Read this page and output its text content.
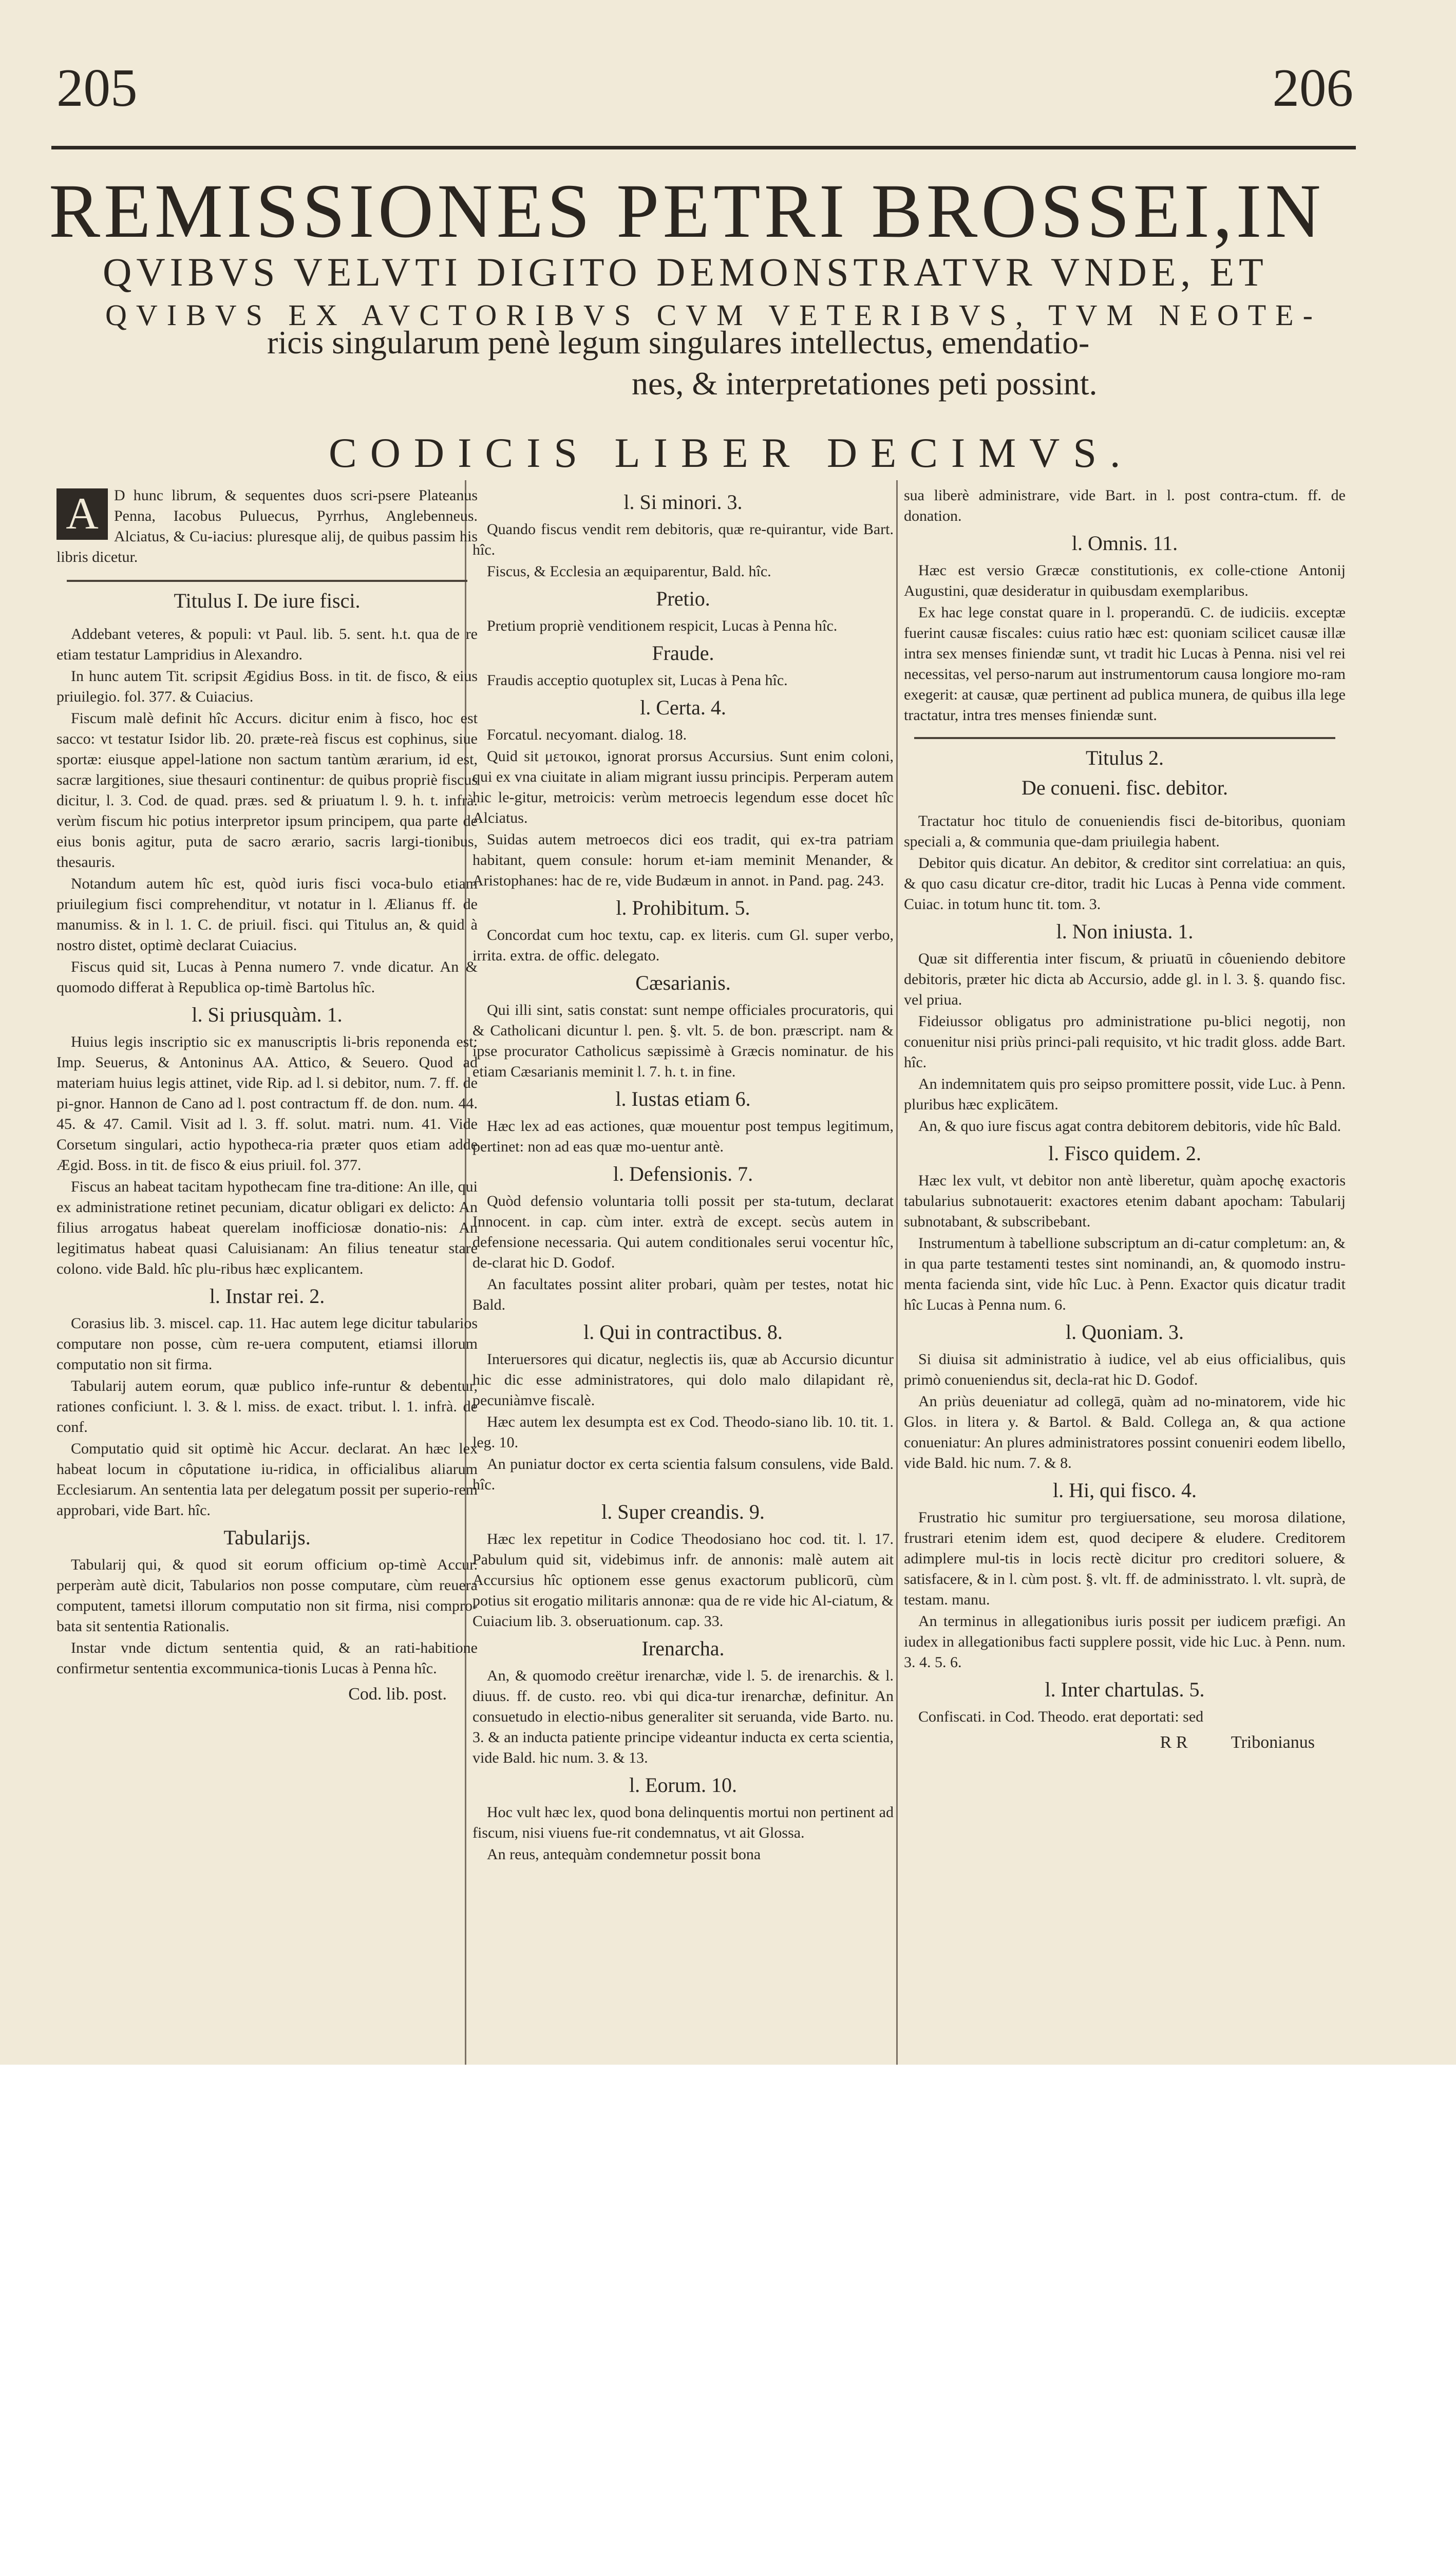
205	206
REMISSIONES PETRI BROSSEI,IN
QVIBVS VELVTI DIGITO DEMONSTRATVR VNDE, ET
QVIBVS EX AVCTORIBVS CVM VETERIBVS, TVM NEOTE-
ricis singularum penè legum singulares intellectus, emendatio-
nes, & interpretationes peti possint.
CODICIS LIBER DECIMVS.

A	D hunc librum, & sequentes duos scri-psere Plateanus Penna, Iacobus Puluecus, Pyrrhus, Anglebenneus. Alciatus, & Cu-iacius: pluresque alij, de quibus passim his libris dicetur.

Titulus I. De iure fisci.

Addebant veteres, & populi: vt Paul. lib. 5. sent. h.t. qua de re etiam testatur Lampridius in Alexandro.

In hunc autem Tit. scripsit Ægidius Boss. in tit. de fisco, & eius priuilegio. fol. 377. & Cuiacius.

Fiscum malè definit hîc Accurs. dicitur enim à fisco, hoc est sacco: vt testatur Isidor lib. 20. præte-reà fiscus est cophinus, siue sportæ: eiusque appel-latione non sactum tantùm ærarium, id est, sacræ largitiones, siue thesauri continentur: de quibus propriè fiscus dicitur, l. 3. Cod. de quad. præs. sed & priuatum l. 9. h. t. infrà. verùm fiscum hic potius interpretor ipsum principem, qua parte de eius bonis agitur, puta de sacro ærario, sacris largi-tionibus, thesauris.

Notandum autem hîc est, quòd iuris fisci voca-bulo etiam priuilegium fisci comprehenditur, vt notatur in l. Ælianus ff. de manumiss. & in l. 1. C. de priuil. fisci. qui Titulus an, & quid à nostro distet, optimè declarat Cuiacius.

Fiscus quid sit, Lucas à Penna numero 7. vnde dicatur. An & quomodo differat à Republica op-timè Bartolus hîc.

l. Si priusquàm. 1.

Huius legis inscriptio sic ex manuscriptis li-bris reponenda est: Imp. Seuerus, & Antoninus AA. Attico, & Seuero. Quod ad materiam huius legis attinet, vide Rip. ad l. si debitor, num. 7. ff. de pi-gnor. Hannon de Cano ad l. post contractum ff. de don. num. 44. 45. & 47. Camil. Visit ad l. 3. ff. solut. matri. num. 41. Vide Corsetum singulari, actio hypotheca-ria præter quos etiam adde Ægid. Boss. in tit. de fisco & eius priuil. fol. 377.

Fiscus an habeat tacitam hypothecam fine tra-ditione: An ille, qui ex administratione retinet pecuniam, dicatur obligari ex delicto: An filius arrogatus habeat querelam inofficiosæ donatio-nis: An legitimatus habeat quasi Caluisianam: An filius teneatur stare colono. vide Bald. hîc plu-ribus hæc explicantem.

l. Instar rei. 2.

Corasius lib. 3. miscel. cap. 11. Hac autem lege dicitur tabularios computare non posse, cùm re-uera computent, etiamsi illorum computatio non sit firma.

Tabularij autem eorum, quæ publico infe-runtur & debentur, rationes conficiunt. l. 3. & l. miss. de exact. tribut. l. 1. infrà. de conf.

Computatio quid sit optimè hic Accur. declarat. An hæc lex habeat locum in côputatione iu-ridica, in officialibus aliarum Ecclesiarum. An sententia lata per delegatum possit per superio-rem approbari, vide Bart. hîc.

Tabularijs.

Tabularij qui, & quod sit eorum officium op-timè Accur. perperàm autè dicit, Tabularios non posse computare, cùm reuera computent, tametsi illorum computatio non sit firma, nisi compro-bata sit sententia Rationalis.

Instar vnde dictum sententia quid, & an rati-habitione confirmetur sententia excommunica-tionis Lucas à Penna hîc.

Cod. lib. post.
l. Si minori. 3.

Quando fiscus vendit rem debitoris, quæ re-quirantur, vide Bart. hîc.

Fiscus, & Ecclesia an æquiparentur, Bald. hîc.

Pretio.

Pretium propriè venditionem respicit, Lucas à Penna hîc.

Fraude.

Fraudis acceptio quotuplex sit, Lucas à Pena hîc.

l. Certa. 4.

Forcatul. necyomant. dialog. 18.

Quid sit μετοικοι, ignorat prorsus Accursius. Sunt enim coloni, qui ex vna ciuitate in aliam migrant iussu principis. Perperam autem hic le-gitur, metroicis: verùm metroecis legendum esse docet hîc Alciatus.

Suidas autem metroecos dici eos tradit, qui ex-tra patriam habitant, quem consule: horum et-iam meminit Menander, & Aristophanes: hac de re, vide Budæum in annot. in Pand. pag. 243.

l. Prohibitum. 5.

Concordat cum hoc textu, cap. ex literis. cum Gl. super verbo, irrita. extra. de offic. delegato.

Cæsarianis.

Qui illi sint, satis constat: sunt nempe officiales procuratoris, qui & Catholicani dicuntur l. pen. §. vlt. 5. de bon. præscript. nam & ipse procurator Catholicus sæpissimè à Græcis nominatur. de his etiam Cæsarianis meminit l. 7. h. t. in fine.

l. Iustas etiam 6.

Hæc lex ad eas actiones, quæ mouentur post tempus legitimum, pertinet: non ad eas quæ mo-uentur antè.

l. Defensionis. 7.

Quòd defensio voluntaria tolli possit per sta-tutum, declarat Innocent. in cap. cùm inter. extrà de except. secùs autem in defensione necessaria. Qui autem conditionales serui vocentur hîc, de-clarat hic D. Godof.

An facultates possint aliter probari, quàm per testes, notat hic Bald.

l. Qui in contractibus. 8.

Interuersores qui dicatur, neglectis iis, quæ ab Accursio dicuntur hic dic esse administratores, qui dolo malo dilapidant rè, pecuniàmve fiscalè.

Hæc autem lex desumpta est ex Cod. Theodo-siano lib. 10. tit. 1. leg. 10.

An puniatur doctor ex certa scientia falsum consulens, vide Bald. hîc.

l. Super creandis. 9.

Hæc lex repetitur in Codice Theodosiano hoc cod. tit. l. 17. Pabulum quid sit, videbimus infr. de annonis: malè autem ait Accursius hîc optionem esse genus exactorum publicorū, cùm potius sit erogatio militaris annonæ: qua de re vide hic Al-ciatum, & Cuiacium lib. 3. obseruationum. cap. 33.

Irenarcha.

An, & quomodo creëtur irenarchæ, vide l. 5. de irenarchis. & l. diuus. ff. de custo. reo. vbi qui dica-tur irenarchæ, definitur. An consuetudo in electio-nibus generaliter sit seruanda, vide Barto. nu. 3. & an inducta patiente principe videantur inducta ex certa scientia, vide Bald. hic num. 3. & 13.

l. Eorum. 10.

Hoc vult hæc lex, quod bona delinquentis mortui non pertinent ad fiscum, nisi viuens fue-rit condemnatus, vt ait Glossa.

An reus, antequàm condemnetur possit bona

sua liberè administrare, vide Bart. in l. post contra-ctum. ff. de donation.

l. Omnis. 11.

Hæc est versio Græcæ constitutionis, ex colle-ctione Antonij Augustini, quæ desideratur in quibusdam exemplaribus.

Ex hac lege constat quare in l. properandū. C. de iudiciis. exceptæ fuerint causæ fiscales: cuius ratio hæc est: quoniam scilicet causæ illæ intra sex menses finiendæ sunt, vt tradit hic Lucas à Penna. nisi vel rei necessitas, vel perso-narum aut instrumentorum causa longiore mo-ram exegerit: at causæ, quæ pertinent ad publica munera, de quibus illa lege tractatur, intra tres menses finiendæ sunt.

Titulus 2.
De conueni. fisc. debitor.

Tractatur hoc titulo de conueniendis fisci de-bitoribus, quoniam speciali a, & communia que-dam priuilegia habent.

Debitor quis dicatur. An debitor, & creditor sint correlatiua: an quis, & quo casu dicatur cre-ditor, tradit hic Lucas à Penna vide comment. Cuiac. in totum hunc tit. tom. 3.

l. Non iniusta. 1.

Quæ sit differentia inter fiscum, & priuatū in côueniendo debitore debitoris, præter hic dicta ab Accursio, adde gl. in l. 3. §. quando fisc. vel priua.

Fideiussor obligatus pro administratione pu-blici negotij, non conuenitur nisi priùs princi-pali requisito, vt hic tradit gloss. adde Bart. hîc.

An indemnitatem quis pro seipso promittere possit, vide Luc. à Penn. pluribus hæc explicātem.

An, & quo iure fiscus agat contra debitorem debitoris, vide hîc Bald.

l. Fisco quidem. 2.

Hæc lex vult, vt debitor non antè liberetur, quàm apochę exactoris tabularius subnotauerit: exactores etenim dabant apocham: Tabularij subnotabant, & subscribebant.

Instrumentum à tabellione subscriptum an di-catur completum: an, & in qua parte testamenti testes sint nominandi, an, & quomodo instru-menta facienda sint, vide hîc Luc. à Penn. Exactor quis dicatur tradit hîc Lucas à Penna num. 6.

l. Quoniam. 3.

Si diuisa sit administratio à iudice, vel ab eius officialibus, quis primò conueniendus sit, decla-rat hic D. Godof.

An priùs deueniatur ad collegā, quàm ad no-minatorem, vide hic Glos. in litera y. & Bartol. & Bald. Collega an, & qua actione conueniatur: An plures administratores possint conueniri eodem libello, vide Bald. hic num. 7. & 8.

l. Hi, qui fisco. 4.

Frustratio hic sumitur pro tergiuersatione, seu morosa dilatione, frustrari etenim idem est, quod decipere & eludere. Creditorem adimplere mul-tis in locis rectè dicitur pro creditori soluere, & satisfacere, & in l. cùm post. §. vlt. ff. de adminisstrato. l. vlt. suprà, de testam. manu.

An terminus in allegationibus iuris possit per iudicem præfigi. An iudex in allegationibus facti supplere possit, vide hic Luc. à Penn. num. 3. 4. 5. 6.

l. Inter chartulas. 5.

Confiscati. in Cod. Theodo. erat deportati: sed

R R          Tribonianus
